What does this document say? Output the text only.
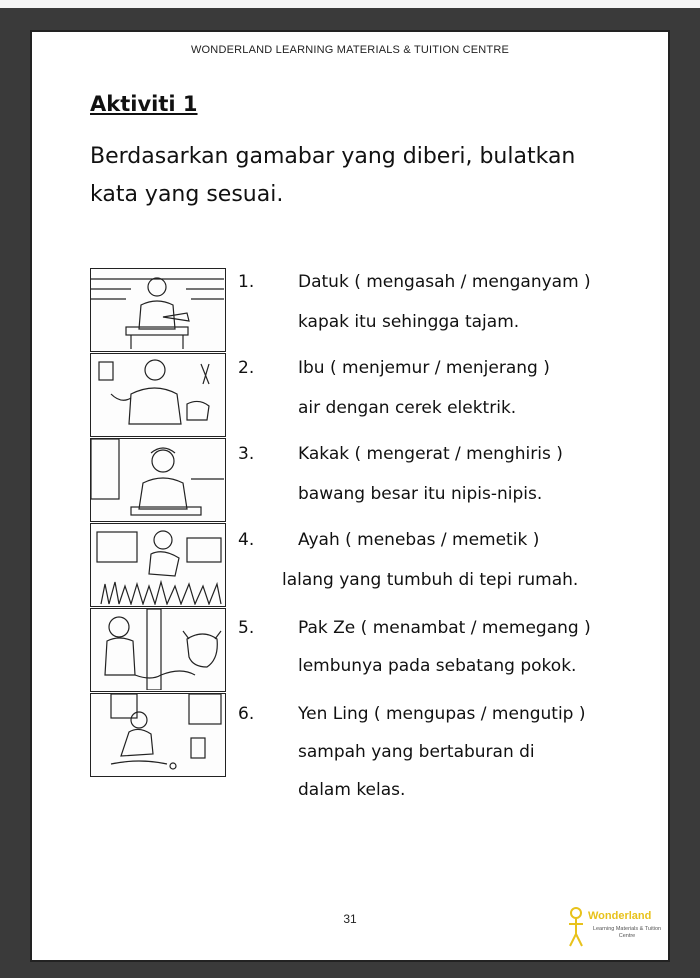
WONDERLAND LEARNING MATERIALS & TUITION CENTRE
Aktiviti 1
Berdasarkan gamabar yang diberi, bulatkan
kata yang sesuai.
1.	Datuk ( mengasah / menganyam )
kapak itu sehingga tajam.
2.	Ibu ( menjemur / menjerang )
air dengan cerek elektrik.
3.	Kakak ( mengerat / menghiris )
bawang besar itu nipis-nipis.
4.	Ayah ( menebas / memetik )
lalang yang tumbuh di tepi rumah.
5.	Pak Ze ( menambat / memegang )
lembunya pada sebatang pokok.
6.	Yen Ling ( mengupas / mengutip )
sampah yang bertaburan di
dalam kelas.
31	Wonderland
Learning Materials & Tuition Centre
